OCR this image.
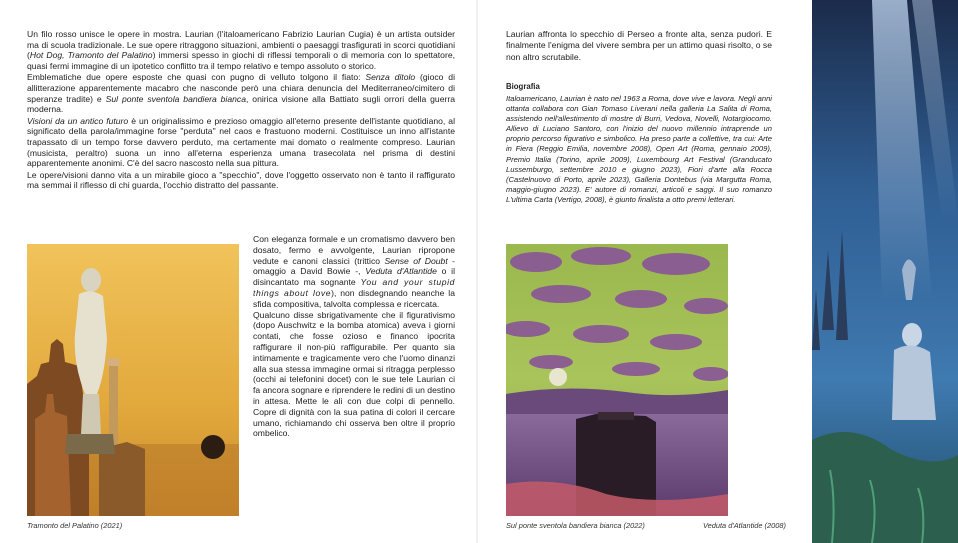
Un filo rosso unisce le opere in mostra. Laurian (l'italoamericano Fabrizio Laurian Cugia) è un artista outsider ma di scuola tradizionale. Le sue opere ritraggono situazioni, ambienti o paesaggi trasfigurati in scorci quotidiani (Hot Dog, Tramonto del Palatino) immersi spesso in giochi di riflessi temporali o di memoria con lo spettatore, quasi fermi immagine di un ipotetico conflitto tra il tempo relativo e tempo assoluto o storico.

Emblematiche due opere esposte che quasi con pugno di velluto tolgono il fiato: Senza ditolo (gioco di allitterazione apparentemente macabro che nasconde però una chiara denuncia del Mediterraneo/cimitero di speranze tradite) e Sul ponte sventola bandiera bianca, onirica visione alla Battiato sugli orrori della guerra moderna.

Visioni da un antico futuro è un originalissimo e prezioso omaggio all'eterno presente dell'istante quotidiano, al significato della parola/immagine forse "perduta" nel caos e frastuono moderni. Costituisce un inno all'istante trapassato di un tempo forse davvero perduto, ma certamente mai domato o realmente compreso. Laurian (musicista, peraltro) suona un inno all'eterna esperienza umana trasecolata nel prisma di destini apparentemente anonimi. C'è del sacro nascosto nella sua pittura.

Le opere/visioni danno vita a un mirabile gioco a "specchio", dove l'oggetto osservato non è tanto il raffigurato ma semmai il riflesso di chi guarda, l'occhio distratto del passante.

Tramonto del Palatino (2021)

Con eleganza formale e un cromatismo davvero ben dosato, fermo e avvolgente, Laurian ripropone vedute e canoni classici (trittico Sense of Doubt - omaggio a David Bowie -, Veduta d'Atlantide o il disincantato ma sognante You and your stupid things about love), non disdegnando neanche la sfida compositiva, talvolta complessa e ricercata.

Qualcuno disse sbrigativamente che il figurativismo (dopo Auschwitz e la bomba atomica) aveva i giorni contati, che fosse ozioso e financo ipocrita raffigurare il non-più raffigurabile. Per quanto sia intimamente e tragicamente vero che l'uomo dinanzi alla sua stessa immagine ormai si ritragga perplesso (occhi ai telefonini docet) con le sue tele Laurian ci fa ancora sognare e riprendere le redini di un destino in attesa. Mette le ali con due colpi di pennello. Copre di dignità con la sua patina di colori il cercare umano, richiamando chi osserva ben oltre il proprio ombelico.

Laurian affronta lo specchio di Perseo a fronte alta, senza pudori. E finalmente l'enigma del vivere sembra per un attimo quasi risolto, o se non altro scrutabile.

Biografia

Italoamericano, Laurian è nato nel 1963 a Roma, dove vive e lavora. Negli anni ottanta collabora con Gian Tomaso Liverani nella galleria La Salita di Roma, assistendo nell'allestimento di mostre di Burri, Vedova, Novelli, Notargiocomo. Allievo di Luciano Santoro, con l'inizio del nuovo millennio intraprende un proprio percorso figurativo e simbolico. Ha preso parte a collettive, tra cui: Arte in Fiera (Reggio Emilia, novembre 2008), Open Art (Roma, gennaio 2009), Premio Italia (Torino, aprile 2009), Luxembourg Art Festival (Granducato Lussemburgo, settembre 2010 e giugno 2023), Fiori d'arte alla Rocca (Castelnuovo di Porto, aprile 2023), Galleria Dontebus (via Margutta Roma, maggio-giugno 2023). E' autore di romanzi, articoli e saggi. Il suo romanzo L'ultima Carta (Vertigo, 2008), è giunto finalista a otto premi letterari.

Sul ponte sventola bandiera bianca (2022)	Veduta d'Atlantide (2008)
